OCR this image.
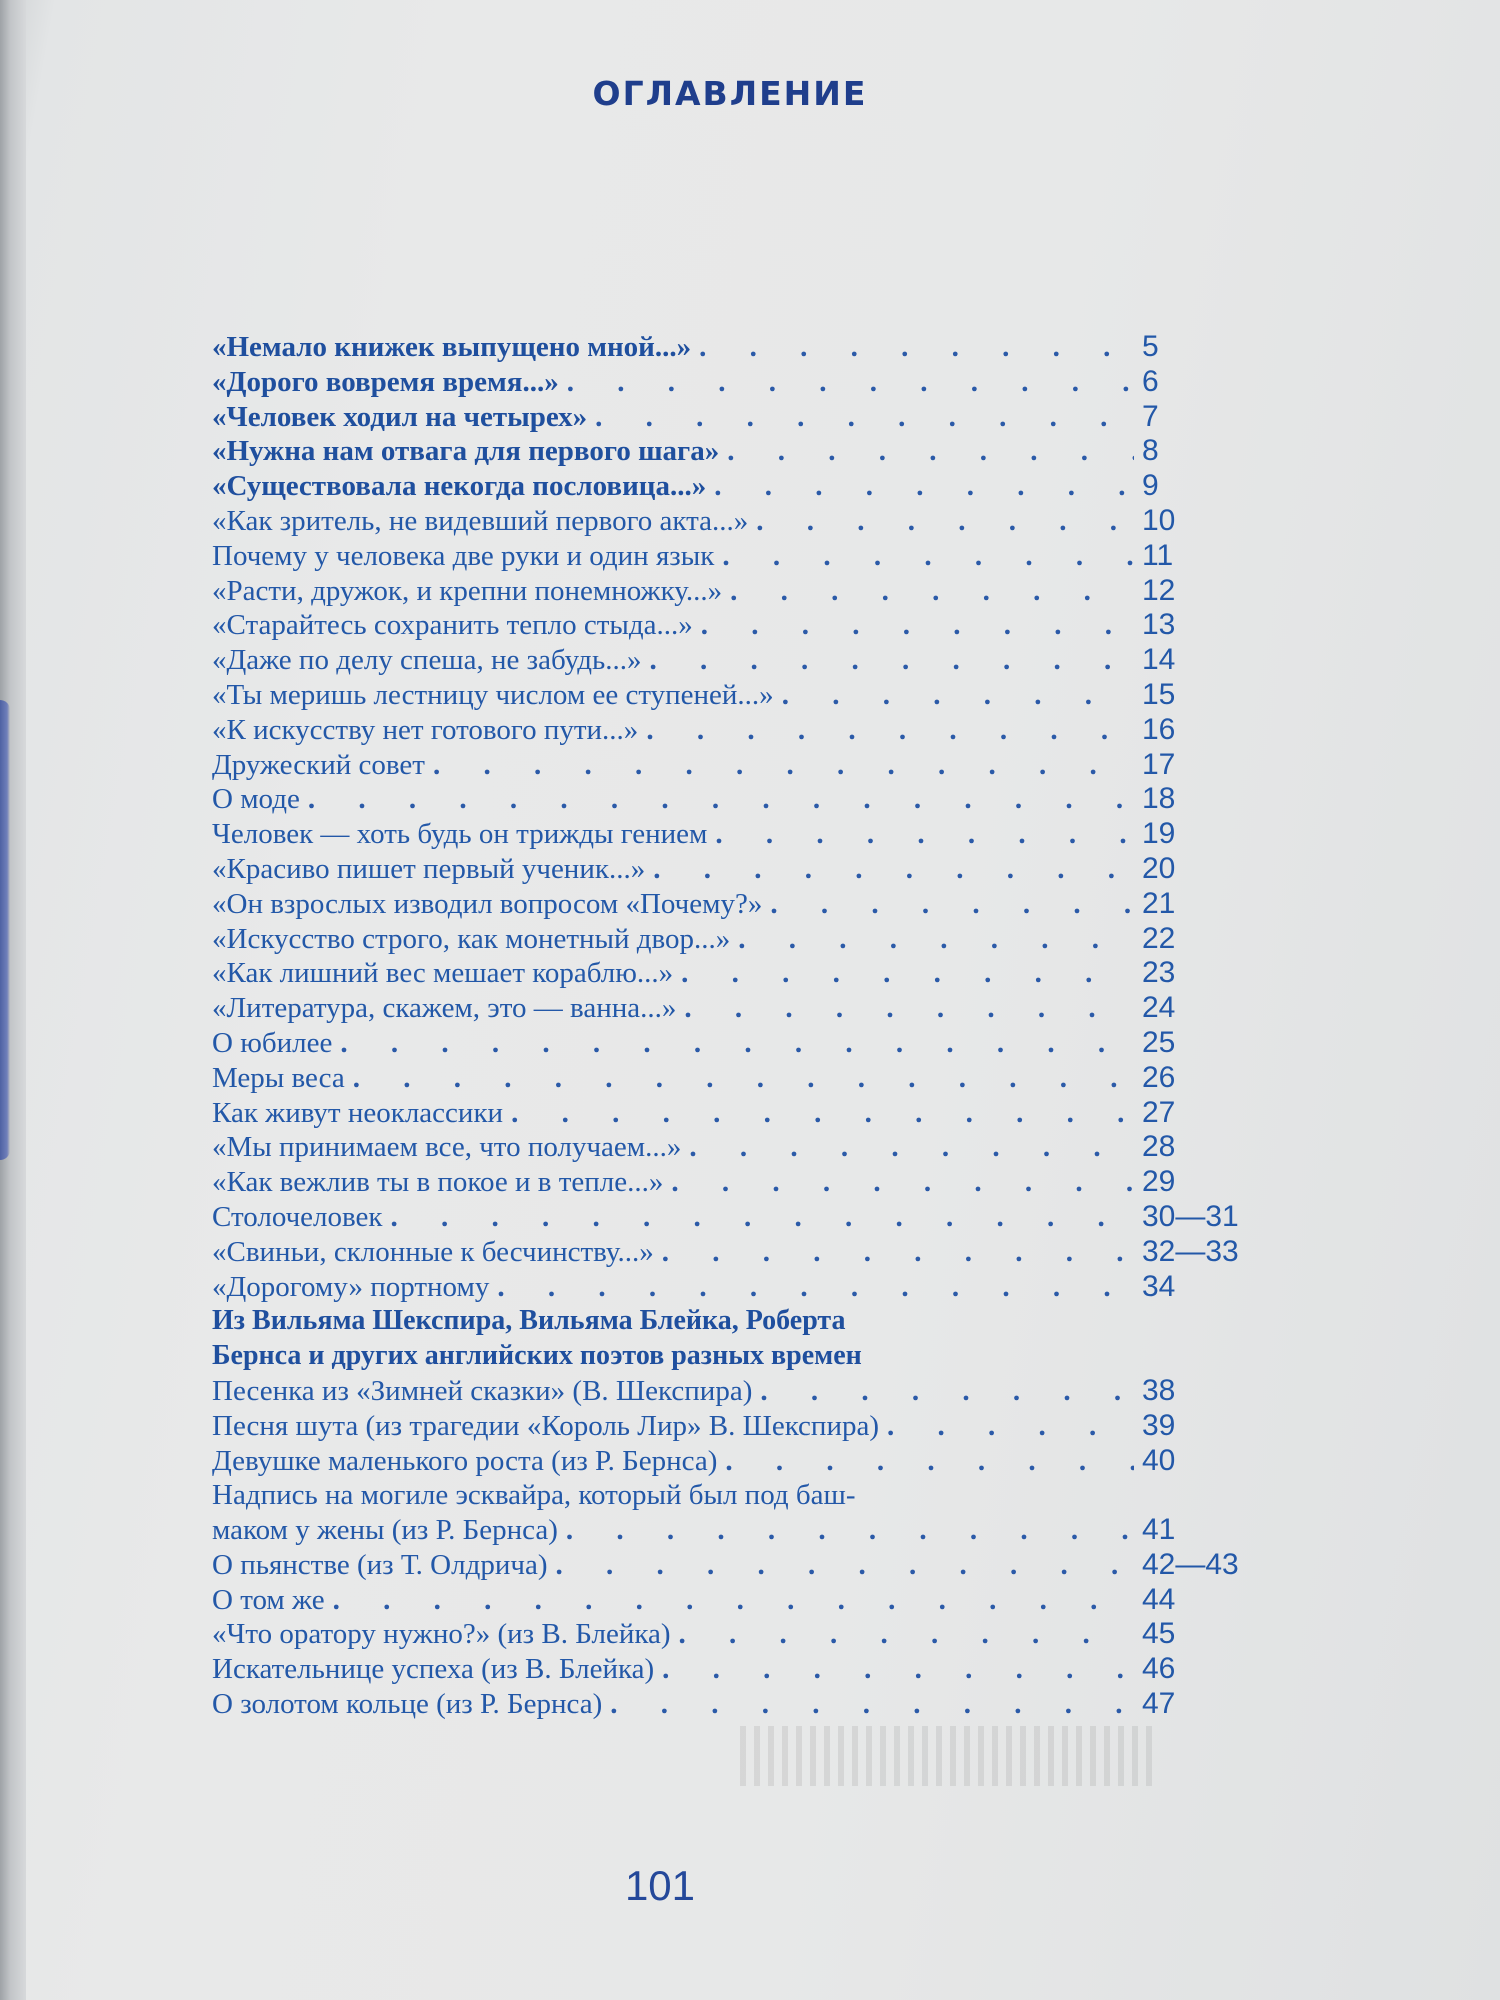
ОГЛАВЛЕНИЕ
«Немало книжек выпущено мной...» . . .	5
«Дорого вовремя время...» . . .	6
«Человек ходил на четырех» . . .	7
«Нужна нам отвага для первого шага» . . .	8
«Существовала некогда пословица...» . . .	9
«Как зритель, не видевший первого акта...» . . .	10
Почему у человека две руки и один язык . . .	11
«Расти, дружок, и крепни понемножку...» . . .	12
«Старайтесь сохранить тепло стыда...» . . .	13
«Даже по делу спеша, не забудь...» . . .	14
«Ты меришь лестницу числом ее ступеней...» . . .	15
«К искусству нет готового пути...» . . .	16
Дружеский совет . . .	17
О моде . . .	18
Человек — хоть будь он трижды гением . . .	19
«Красиво пишет первый ученик...» . . .	20
«Он взрослых изводил вопросом «Почему?» . . .	21
«Искусство строго, как монетный двор...» . . .	22
«Как лишний вес мешает кораблю...» . . .	23
«Литература, скажем, это — ванна...» . . .	24
О юбилее . . .	25
Меры веса . . .	26
Как живут неоклассики . . .	27
«Мы принимаем все, что получаем...» . . .	28
«Как вежлив ты в покое и в тепле...» . . .	29
Столочеловек . . .	30—31
«Свиньи, склонные к бесчинству...» . . .	32—33
«Дорогому» портному . . .	34
Из Вильяма Шекспира, Вильяма Блейка, Роберта
Бернса и других английских поэтов разных времен
Песенка из «Зимней сказки» (В. Шекспира) . . .	38
Песня шута (из трагедии «Король Лир» В. Шекспира) . . .	39
Девушке маленького роста (из Р. Бернса) . . .	40
Надпись на могиле эсквайра, который был под баш-
маком у жены (из Р. Бернса) . . .	41
О пьянстве (из Т. Олдрича) . . .	42—43
О том же . . .	44
«Что оратору нужно?» (из В. Блейка) . . .	45
Искательнице успеха (из В. Блейка) . . .	46
О золотом кольце (из Р. Бернса) . . .	47
101
